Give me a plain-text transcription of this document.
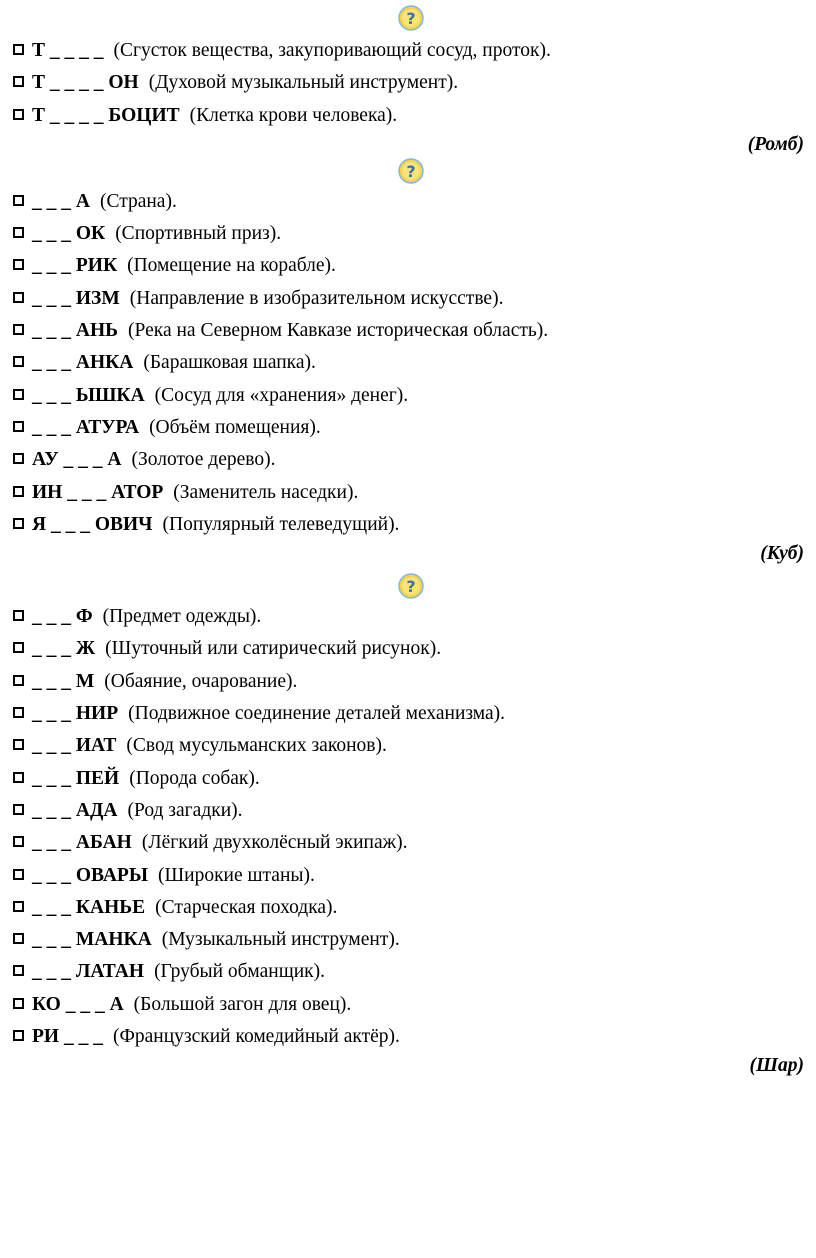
?
Т _ _ _ _ (Сгусток вещества, закупоривающий сосуд, проток).
Т _ _ _ _ ОН (Духовой музыкальный инструмент).
Т _ _ _ _ БОЦИТ (Клетка крови человека).
(Ромб)
?
_ _ _ А (Страна).
_ _ _ ОК (Спортивный приз).
_ _ _ РИК (Помещение на корабле).
_ _ _ ИЗМ (Направление в изобразительном искусстве).
_ _ _ АНЬ (Река на Северном Кавказе историческая область).
_ _ _ АНКА (Барашковая шапка).
_ _ _ ЫШКА (Сосуд для «хранения» денег).
_ _ _ АТУРА (Объём помещения).
АУ _ _ _ А (Золотое дерево).
ИН _ _ _ АТОР (Заменитель наседки).
Я _ _ _ ОВИЧ (Популярный телеведущий).
(Куб)
?
_ _ _ Ф (Предмет одежды).
_ _ _ Ж (Шуточный или сатирический рисунок).
_ _ _ М (Обаяние, очарование).
_ _ _ НИР (Подвижное соединение деталей механизма).
_ _ _ ИАТ (Свод мусульманских законов).
_ _ _ ПЕЙ (Порода собак).
_ _ _ АДА (Род загадки).
_ _ _ АБАН (Лёгкий двухколёсный экипаж).
_ _ _ ОВАРЫ (Широкие штаны).
_ _ _ КАНЬЕ (Старческая походка).
_ _ _ МАНКА (Музыкальный инструмент).
_ _ _ ЛАТАН (Грубый обманщик).
КО _ _ _ А (Большой загон для овец).
РИ _ _ _ (Французский комедийный актёр).
(Шар)
